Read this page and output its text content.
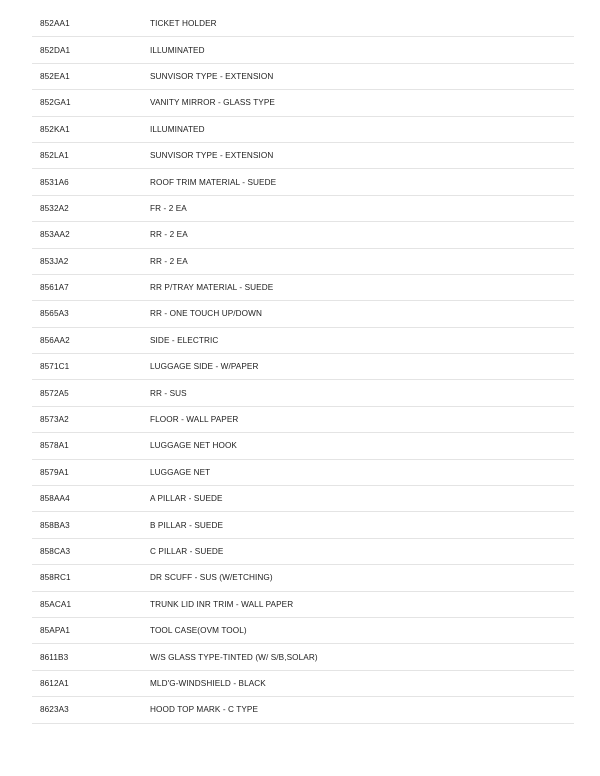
852AA1	TICKET HOLDER
852DA1	ILLUMINATED
852EA1	SUNVISOR TYPE - EXTENSION
852GA1	VANITY MIRROR - GLASS TYPE
852KA1	ILLUMINATED
852LA1	SUNVISOR TYPE - EXTENSION
8531A6	ROOF TRIM MATERIAL - SUEDE
8532A2	FR - 2 EA
853AA2	RR - 2 EA
853JA2	RR - 2 EA
8561A7	RR P/TRAY MATERIAL - SUEDE
8565A3	RR - ONE TOUCH UP/DOWN
856AA2	SIDE - ELECTRIC
8571C1	LUGGAGE SIDE - W/PAPER
8572A5	RR - SUS
8573A2	FLOOR - WALL PAPER
8578A1	LUGGAGE NET HOOK
8579A1	LUGGAGE NET
858AA4	A PILLAR - SUEDE
858BA3	B PILLAR - SUEDE
858CA3	C PILLAR - SUEDE
858RC1	DR SCUFF - SUS (W/ETCHING)
85ACA1	TRUNK LID INR TRIM - WALL PAPER
85APA1	TOOL CASE(OVM TOOL)
8611B3	W/S GLASS TYPE-TINTED (W/ S/B,SOLAR)
8612A1	MLD'G-WINDSHIELD - BLACK
8623A3	HOOD TOP MARK - C TYPE
